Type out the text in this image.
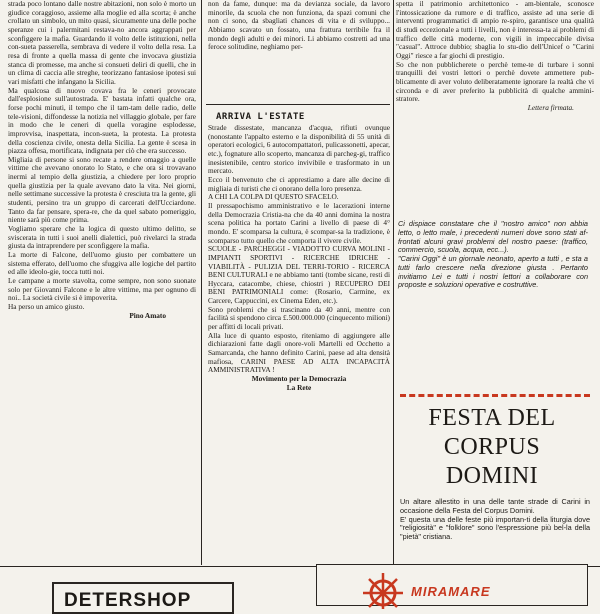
strada poco lontano dalle nostre abitazioni, non solo è morto un giudice coraggioso, assieme alla moglie ed alla scorta; è anche crollato un simbolo, un mito quasi, sicuramente una delle poche speranze cui i palermitani restava-no ancora aggrappati per sconfiggere la mafia. Guardando il volto delle istituzioni, nella con-sueta passerella, sembrava di vedere il volto della resa. La resa di fronte a quella massa di gente che invocava giustizia stanca di promesse, ma anche si consueti deliri di quelli, che in un clima di caccia alle streghe, teorizzano fantasiose ipotesi sui vari misfatti che infangano la Sicilia.

Ma qualcosa di nuovo covava fra le ceneri provocate dall'esplosione sull'autostrada. E' bastata infatti qualche ora, forse pochi minuti, il tempo che il tam-tam delle radio, delle tele-visioni, diffondesse la notizia nel villaggio globale, per fare in modo che le ceneri di quella voragine esplodesse, improvvisa, inaspettata, incon-sueta, la protesta. La protesta della coscienza civile, onesta della Sicilia. La gente è scesa in piazza offesa, mortificata, indignata per ciò che era successo.

Migliaia di persone si sono recate a rendere omaggio a quelle vittime che avevano onorato lo Stato, e che ora si trovavano inermi al tempio della giustizia, a chiedere per loro proprio quella giustizia per la quale avevano dato la vita. Nei giorni, nelle settimane successive la protesta è cresciuta tra la gente, gli studenti, persino tra un gruppo di carcerati dell'Ucciardone. Tanto da far pensare, spera-re, che da quel sabato pomeriggio, niente sarà più come prima.

Vogliamo sperare che la logica di questo ultimo delitto, se sviscerata in tutti i suoi anelli dialettici, può rivelarci la strada giusta da intraprendere per sconfiggere la mafia.

La morte di Falcone, dell'uomo giusto per combattere un sistema efferato, dell'uomo che sfuggiva alle logiche del partito ed alle ideolo-gie, tocca tutti noi.

Le campane a morte stavolta, come sempre, non sono suonate solo per Giovanni Falcone e le altre vittime, ma per ognuno di noi.. La società civile si è impoverita.

Ha perso un amico giusto.

Pino Amato

non da fame, dunque: ma da devianza sociale, da lavoro minorile, da scuola che non funziona, da spazi comuni che non ci sono, da sbagliati chances di vita e di sviluppo... Abbiamo scavato un fossato, una frattura terribile fra il mondo degli adulti e dei minori. Li abbiamo costretti ad una feroce solitudine, neghiamo per-

ARRIVA L'ESTATE

Strade dissestate, mancanza d'acqua, rifiuti ovunque (nonostante l'appalto esterno e la disponibilità di 55 unità di operatori ecologici, 6 autocompattatori, pulicassonetti, apecar, etc.), fognature allo scoperto, mancanza di parcheg-gi, traffico inesistenibile, centro storico invivibile e trasformato in un mercato.

Ecco il benvenuto che ci apprestiamo a dare alle decine di migliaia di turisti che ci onorano della loro presenza.

A CHI LA COLPA DI QUESTO SFACELO.

Il pressapochismo amministrativo e le lacerazioni interne della Democrazia Cristia-na che da 40 anni domina la nostra scena politica ha portato Carini a livello di paese di 4° mondo. E' scomparsa la cultura, è scompar-sa la tradizione, è scomparso tutto quello che comporta il vivere civile.

SCUOLE - PARCHEGGI - VIADOTTO CURVA MOLINI - IMPIANTI SPORTIVI - RICERCHE IDRICHE - VIABILITÀ - PULIZIA DEL TERRI-TORIO - RICERCA BENI CULTURALI e ne abbiamo tanti (tombe sicane, resti di Hyccara, catacombe, chiese, chiostri ) RECUPERO DEI BENI PATRIMONIALI come: (Rosario, Carmine, ex Carcere, Cappuccini, ex Cinema Eden, etc.).

Sono problemi che si trascinano da 40 anni, mentre con facilità si spendono circa £.500.000.000 (cinquecento milioni) per affitti di locali privati.

Alla luce di quanto esposto, riteniamo di aggiungere alle dichiarazioni fatte dagli onore-voli Martelli ed Occhetto a Samarcanda, che hanno definito Carini, paese ad alta densità mafiosa, CARINI PAESE AD ALTA INCAPACITÀ AMMINISTRATIVA !

Movimento per la Democrazia

La Rete

spetta il patrimonio architettonico - am-bientale, sconosce l'intossicazione da rumore e di traffico, assiste ad una serie di interventi programmatici di ampio re-spiro, garantisce una qualità di studi eccezionale a tutti i livelli, non è interessa-ta ai problemi di traffico delle città moderne, con vigili in impeccabile divisa "casual". Attroce dubbio; sbaglia lo stu-dio dell'Unicef o "Carini Oggi" riesce a far giochi di prestigio.

So che non pubblicherete o perchè teme-te di turbare i sonni tranquilli dei vostri lettori o perchè dovete ammettere pub-blicamente di aver voluto deliberatamente ignorare la realtà che vi circonda e di aver preferito la pubblicità di qualche ammini-stratore.

Lettera firmata.

Ci dispiace constatare che il "nostro amico" non abbia letto, o letto male, i precedenti numeri dove sono stati af-frontati alcuni gravi problemi del nostro paese: (traffico, commercio, scuola, acqua, ecc...).

"Carini Oggi" è un giornale neonato, aperto a tutti , e sta a tutti farlo crescere nella direzione giusta . Pertanto invitiamo Lei e tutti i nostri lettori a collaborare con proposte e soluzioni operative e costruttive.

FESTA DEL
CORPUS
DOMINI

Un altare allestito in una delle tante strade di Carini in occasione della Festa del Corpus Domini.

E' questa una delle feste più importan-ti della liturgia dove "religiosità" e "folklore" sono l'espressione più bel-la della "pietà" cristiana.

DETERSHOP	MIRAMARE
